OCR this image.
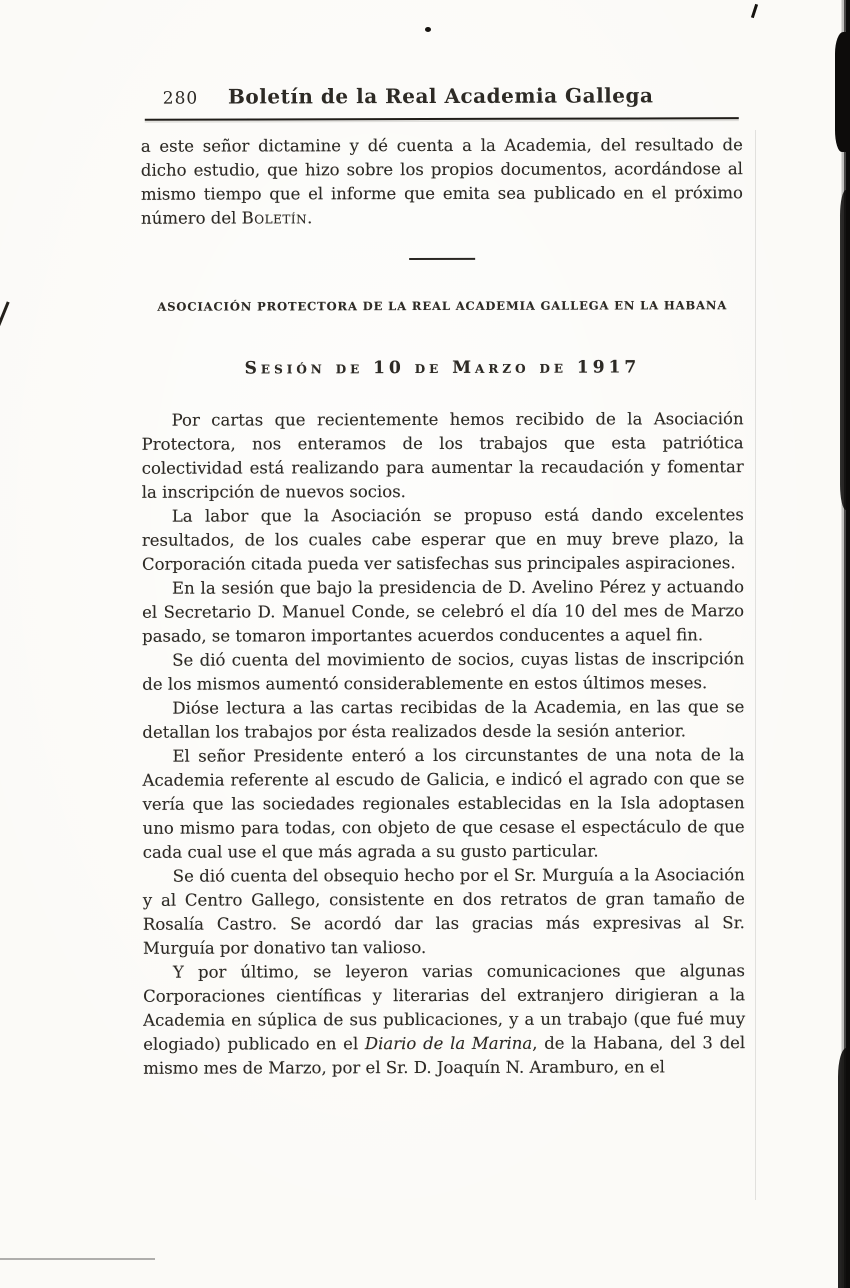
280	Boletín de la Real Academia Gallega

a este señor dictamine y dé cuenta a la Academia, del resultado de dicho estudio, que hizo sobre los propios documentos, acordándose al mismo tiempo que el informe que emita sea publicado en el próximo número del Boletín.

ASOCIACIÓN PROTECTORA DE LA REAL ACADEMIA GALLEGA EN LA HABANA
Sesión de 10 de Marzo de 1917

Por cartas que recientemente hemos recibido de la Asociación Protectora, nos enteramos de los trabajos que esta patriótica colectividad está realizando para aumentar la recaudación y fomentar la inscripción de nuevos socios.

La labor que la Asociación se propuso está dando excelentes resultados, de los cuales cabe esperar que en muy breve plazo, la Corporación citada pueda ver satisfechas sus principales aspiraciones.

En la sesión que bajo la presidencia de D. Avelino Pérez y actuando el Secretario D. Manuel Conde, se celebró el día 10 del mes de Marzo pasado, se tomaron importantes acuerdos conducentes a aquel fin.

Se dió cuenta del movimiento de socios, cuyas listas de inscripción de los mismos aumentó considerablemente en estos últimos meses.

Dióse lectura a las cartas recibidas de la Academia, en las que se detallan los trabajos por ésta realizados desde la sesión anterior.

El señor Presidente enteró a los circunstantes de una nota de la Academia referente al escudo de Galicia, e indicó el agrado con que se vería que las sociedades regionales establecidas en la Isla adoptasen uno mismo para todas, con objeto de que cesase el espectáculo de que cada cual use el que más agrada a su gusto particular.

Se dió cuenta del obsequio hecho por el Sr. Murguía a la Asociación y al Centro Gallego, consistente en dos retratos de gran tamaño de Rosalía Castro. Se acordó dar las gracias más expresivas al Sr. Murguía por donativo tan valioso.

Y por último, se leyeron varias comunicaciones que algunas Corporaciones científicas y literarias del extranjero dirigieran a la Academia en súplica de sus publicaciones, y a un trabajo (que fué muy elogiado) publicado en el Diario de la Marina, de la Habana, del 3 del mismo mes de Marzo, por el Sr. D. Joaquín N. Aramburo, en el
